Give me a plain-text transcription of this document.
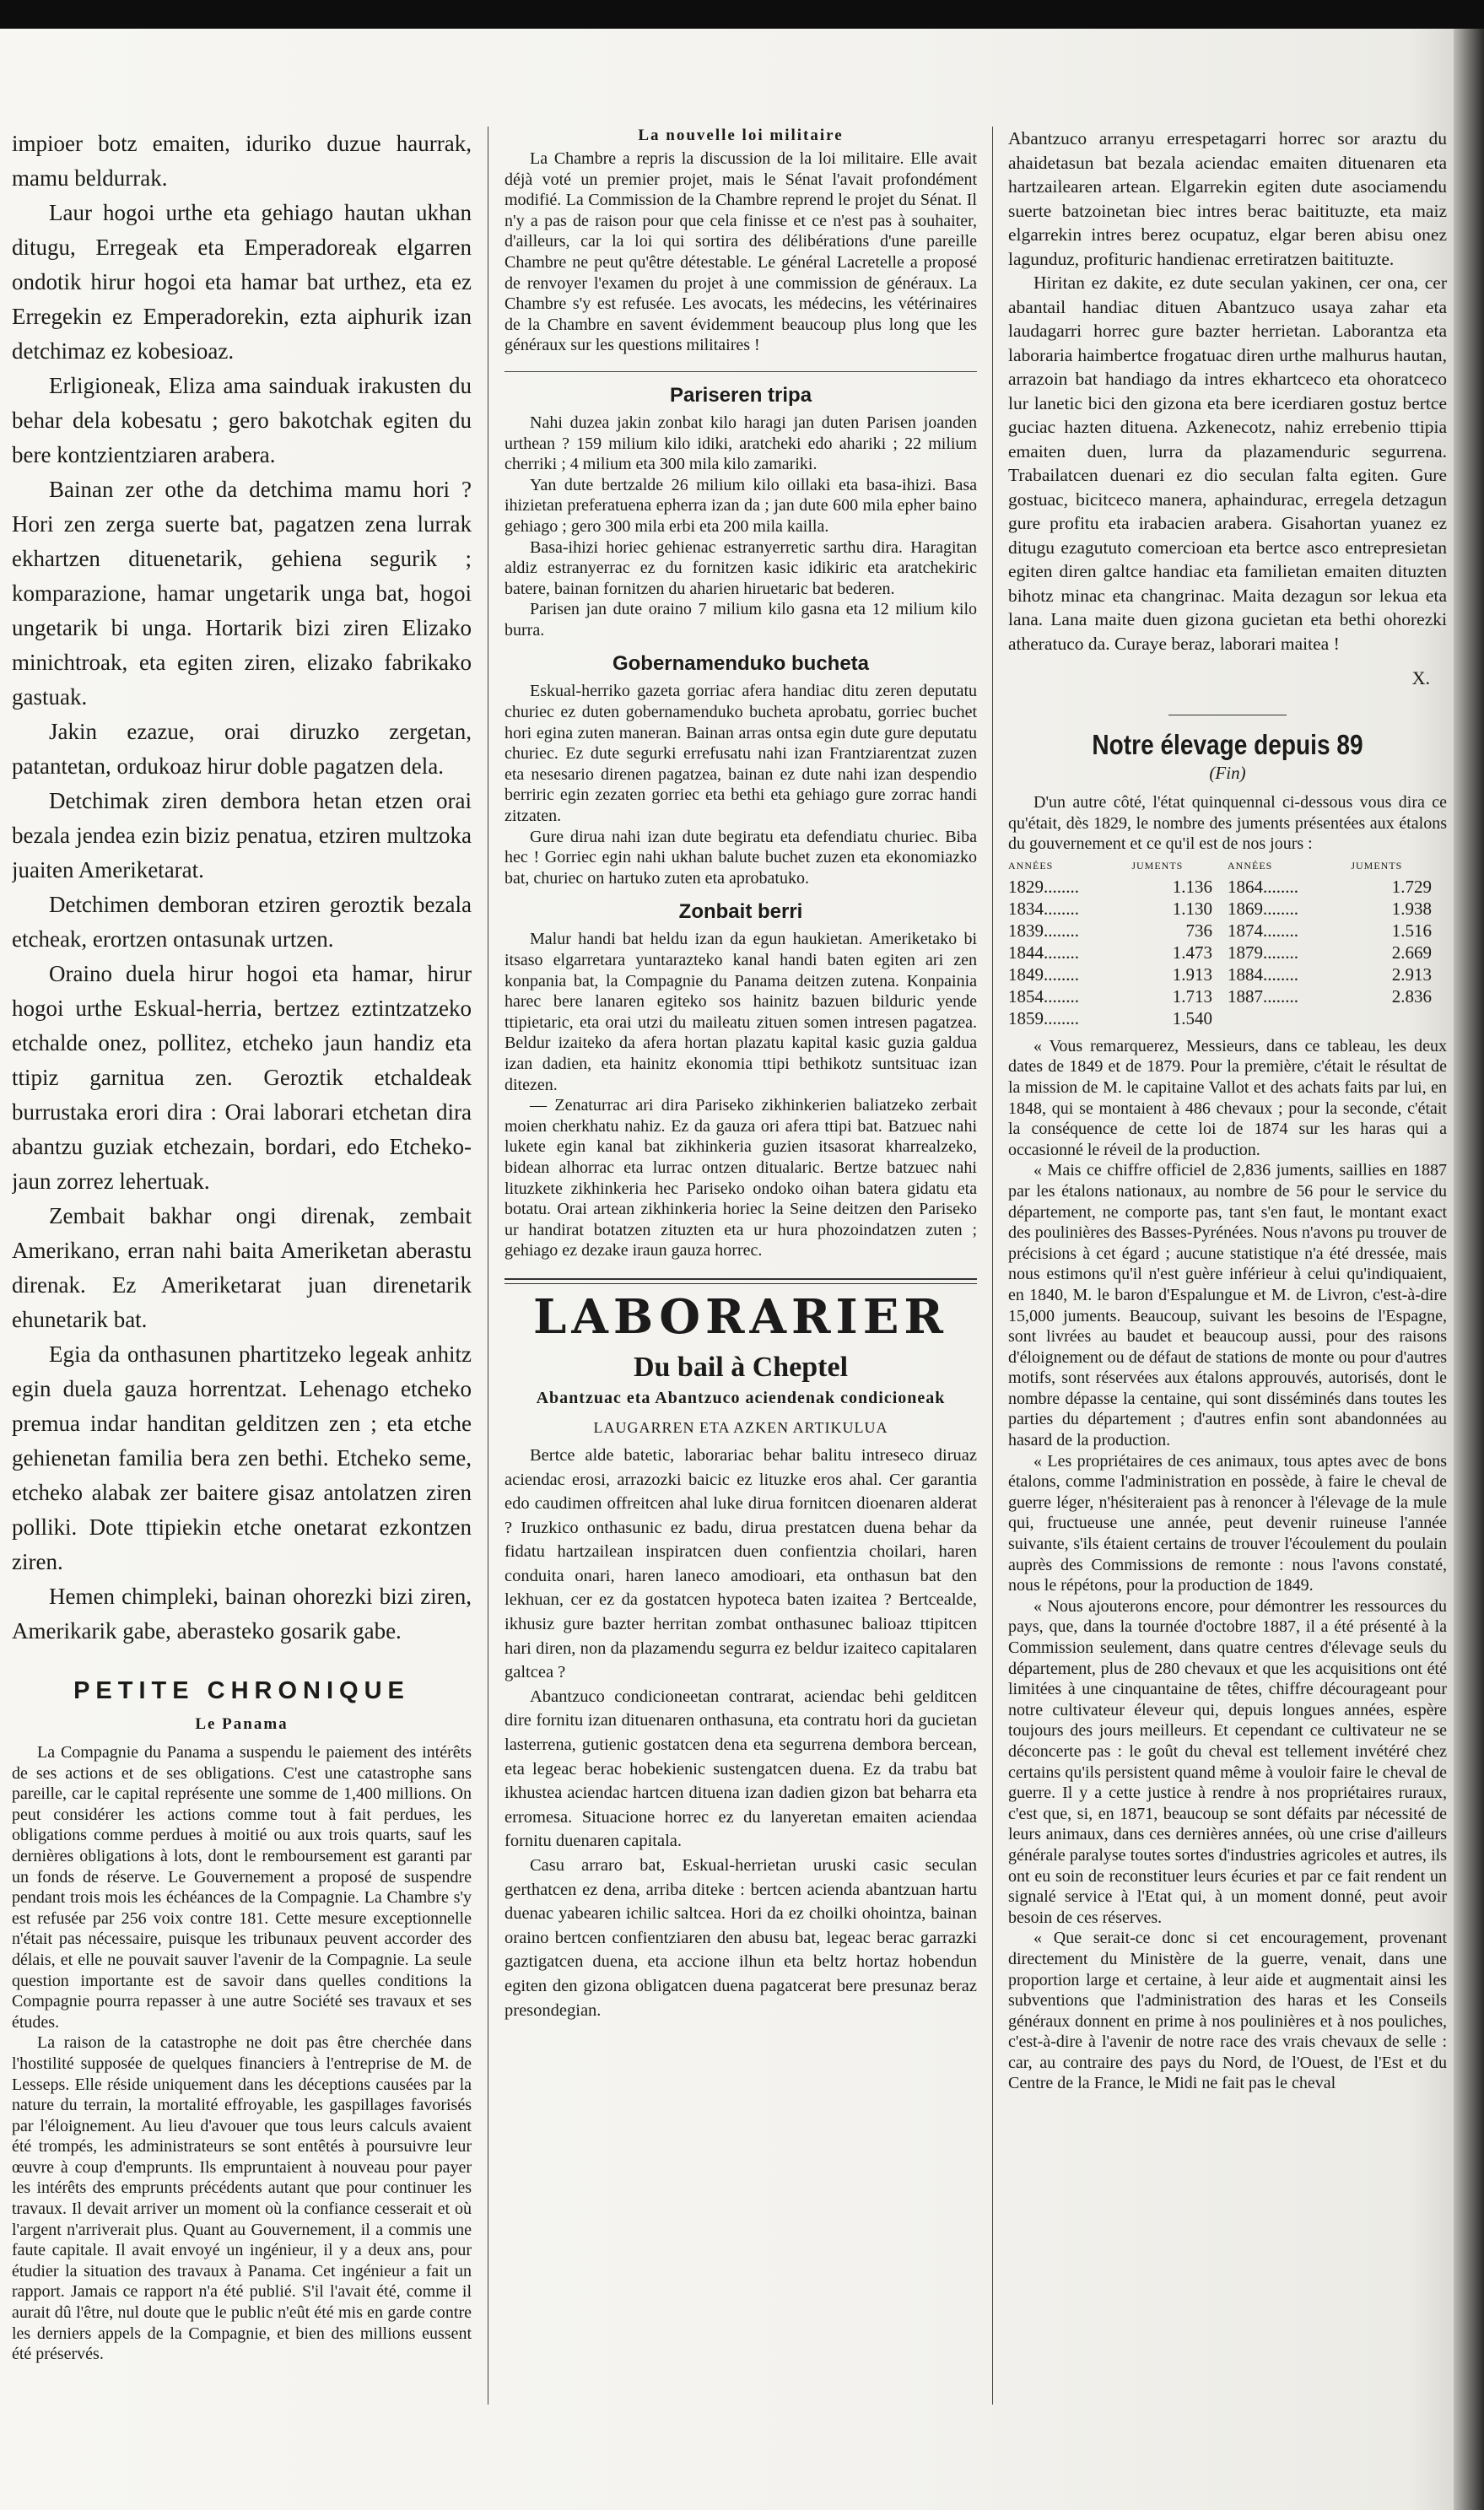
impioer botz emaiten, iduriko duzue haurrak, mamu beldurrak.

Laur hogoi urthe eta gehiago hautan ukhan ditugu, Erregeak eta Emperadoreak elgarren ondotik hirur hogoi eta hamar bat urthez, eta ez Erregekin ez Emperadorekin, ezta aiphurik izan detchimaz ez kobesioaz.

Erligioneak, Eliza ama sainduak irakusten du behar dela kobesatu ; gero bakotchak egiten du bere kontzientziaren arabera.

Bainan zer othe da detchima mamu hori ? Hori zen zerga suerte bat, pagatzen zena lurrak ekhartzen dituenetarik, gehiena segurik ; komparazione, hamar ungetarik unga bat, hogoi ungetarik bi unga. Hortarik bizi ziren Elizako minichtroak, eta egiten ziren, elizako fabrikako gastuak.

Jakin ezazue, orai diruzko zergetan, patantetan, ordukoaz hirur doble pagatzen dela.

Detchimak ziren dembora hetan etzen orai bezala jendea ezin biziz penatua, etziren multzoka juaiten Ameriketarat.

Detchimen demboran etziren geroztik bezala etcheak, erortzen ontasunak urtzen.

Oraino duela hirur hogoi eta hamar, hirur hogoi urthe Eskual-herria, bertzez eztintzatzeko etchalde onez, pollitez, etcheko jaun handiz eta ttipiz garnitua zen. Geroztik etchaldeak burrustaka erori dira : Orai laborari etchetan dira abantzu guziak etchezain, bordari, edo Etcheko-jaun zorrez lehertuak.

Zembait bakhar ongi direnak, zembait Amerikano, erran nahi baita Ameriketan aberastu direnak. Ez Ameriketarat juan direnetarik ehunetarik bat.

Egia da onthasunen phartitzeko legeak anhitz egin duela gauza horrentzat. Lehenago etcheko premua indar handitan gelditzen zen ; eta etche gehienetan familia bera zen bethi. Etcheko seme, etcheko alabak zer baitere gisaz antolatzen ziren polliki. Dote ttipiekin etche onetarat ezkontzen ziren.

Hemen chimpleki, bainan ohorezki bizi ziren, Amerikarik gabe, aberasteko gosarik gabe.

PETITE CHRONIQUE
Le Panama

La Compagnie du Panama a suspendu le paiement des intérêts de ses actions et de ses obligations. C'est une catastrophe sans pareille, car le capital représente une somme de 1,400 millions. On peut considérer les actions comme tout à fait perdues, les obligations comme perdues à moitié ou aux trois quarts, sauf les dernières obligations à lots, dont le remboursement est garanti par un fonds de réserve. Le Gouvernement a proposé de suspendre pendant trois mois les échéances de la Compagnie. La Chambre s'y est refusée par 256 voix contre 181. Cette mesure exceptionnelle n'était pas nécessaire, puisque les tribunaux peuvent accorder des délais, et elle ne pouvait sauver l'avenir de la Compagnie. La seule question importante est de savoir dans quelles conditions la Compagnie pourra repasser à une autre Société ses travaux et ses études.

La raison de la catastrophe ne doit pas être cherchée dans l'hostilité supposée de quelques financiers à l'entreprise de M. de Lesseps. Elle réside uniquement dans les déceptions causées par la nature du terrain, la mortalité effroyable, les gaspillages favorisés par l'éloignement. Au lieu d'avouer que tous leurs calculs avaient été trompés, les administrateurs se sont entêtés à poursuivre leur œuvre à coup d'emprunts. Ils empruntaient à nouveau pour payer les intérêts des emprunts précédents autant que pour continuer les travaux. Il devait arriver un moment où la confiance cesserait et où l'argent n'arriverait plus. Quant au Gouvernement, il a commis une faute capitale. Il avait envoyé un ingénieur, il y a deux ans, pour étudier la situation des travaux à Panama. Cet ingénieur a fait un rapport. Jamais ce rapport n'a été publié. S'il l'avait été, comme il aurait dû l'être, nul doute que le public n'eût été mis en garde contre les derniers appels de la Compagnie, et bien des millions eussent été préservés.

La nouvelle loi militaire

La Chambre a repris la discussion de la loi militaire. Elle avait déjà voté un premier projet, mais le Sénat l'avait profondément modifié. La Commission de la Chambre reprend le projet du Sénat. Il n'y a pas de raison pour que cela finisse et ce n'est pas à souhaiter, d'ailleurs, car la loi qui sortira des délibérations d'une pareille Chambre ne peut qu'être détestable. Le général Lacretelle a proposé de renvoyer l'examen du projet à une commission de généraux. La Chambre s'y est refusée. Les avocats, les médecins, les vétérinaires de la Chambre en savent évidemment beaucoup plus long que les généraux sur les questions militaires !

Pariseren tripa

Nahi duzea jakin zonbat kilo haragi jan duten Parisen joanden urthean ? 159 milium kilo idiki, aratcheki edo ahariki ; 22 milium cherriki ; 4 milium eta 300 mila kilo zamariki.

Yan dute bertzalde 26 milium kilo oillaki eta basa-ihizi. Basa ihizietan preferatuena epherra izan da ; jan dute 600 mila epher baino gehiago ; gero 300 mila erbi eta 200 mila kailla.

Basa-ihizi horiec gehienac estranyerretic sarthu dira. Haragitan aldiz estranyerrac ez du fornitzen kasic idikiric eta aratchekiric batere, bainan fornitzen du aharien hiruetaric bat bederen.

Parisen jan dute oraino 7 milium kilo gasna eta 12 milium kilo burra.

Gobernamenduko bucheta

Eskual-herriko gazeta gorriac afera handiac ditu zeren deputatu churiec ez duten gobernamenduko bucheta aprobatu, gorriec buchet hori egina zuten maneran. Bainan arras ontsa egin dute gure deputatu churiec. Ez dute segurki errefusatu nahi izan Frantziarentzat zuzen eta nesesario direnen pagatzea, bainan ez dute nahi izan despendio berriric egin zezaten gorriec eta bethi eta gehiago gure zorrac handi zitzaten.

Gure dirua nahi izan dute begiratu eta defendiatu churiec. Biba hec ! Gorriec egin nahi ukhan balute buchet zuzen eta ekonomiazko bat, churiec on hartuko zuten eta aprobatuko.

Zonbait berri

Malur handi bat heldu izan da egun haukietan. Ameriketako bi itsaso elgarretara yuntarazteko kanal handi baten egiten ari zen konpania bat, la Compagnie du Panama deitzen zutena. Konpainia harec bere lanaren egiteko sos hainitz bazuen bilduric yende ttipietaric, eta orai utzi du maileatu zituen somen intresen pagatzea. Beldur izaiteko da afera hortan plazatu kapital kasic guzia galdua izan dadien, eta hainitz ekonomia ttipi bethikotz suntsituac izan ditezen.

— Zenaturrac ari dira Pariseko zikhinkerien baliatzeko zerbait moien cherkhatu nahiz. Ez da gauza ori afera ttipi bat. Batzuec nahi lukete egin kanal bat zikhinkeria guzien itsasorat kharrealzeko, bidean alhorrac eta lurrac ontzen ditualaric. Bertze batzuec nahi lituzkete zikhinkeria hec Pariseko ondoko oihan batera gidatu eta botatu. Orai artean zikhinkeria horiec la Seine deitzen den Pariseko ur handirat botatzen zituzten eta ur hura phozoindatzen zuten ; gehiago ez dezake iraun gauza horrec.

LABORARIER
Du bail à Cheptel
Abantzuac eta Abantzuco aciendenak condicioneak
LAUGARREN ETA AZKEN ARTIKULUA

Bertce alde batetic, laborariac behar balitu intreseco diruaz aciendac erosi, arrazozki baicic ez lituzke eros ahal. Cer garantia edo caudimen offreitcen ahal luke dirua fornitcen dioenaren alderat ? Iruzkico onthasunic ez badu, dirua prestatcen duena behar da fidatu hartzailean inspiratcen duen confientzia choilari, haren conduita onari, haren laneco amodioari, eta onthasun bat den lekhuan, cer ez da gostatcen hypoteca baten izaitea ? Bertcealde, ikhusiz gure bazter herritan zombat onthasunec balioaz ttipitcen hari diren, non da plazamendu segurra ez beldur izaiteco capitalaren galtcea ?

Abantzuco condicioneetan contrarat, aciendac behi gelditcen dire fornitu izan dituenaren onthasuna, eta contratu hori da gucietan lasterrena, gutienic gostatcen dena eta segurrena dembora bercean, eta legeac berac hobekienic sustengatcen duena. Ez da trabu bat ikhustea aciendac hartcen dituena izan dadien gizon bat beharra eta erromesa. Situacione horrec ez du lanyeretan emaiten aciendaa fornitu duenaren capitala.

Casu arraro bat, Eskual-herrietan uruski casic seculan gerthatcen ez dena, arriba diteke : bertcen acienda abantzuan hartu duenac yabearen ichilic saltcea. Hori da ez choilki ohointza, bainan oraino bertcen confientziaren den abusu bat, legeac berac garrazki gaztigatcen duena, eta accione ilhun eta beltz hortaz hobendun egiten den gizona obligatcen duena pagatcerat bere presunaz beraz presondegian.

Abantzuco arranyu errespetagarri horrec sor araztu du ahaidetasun bat bezala aciendac emaiten dituenaren eta hartzailearen artean. Elgarrekin egiten dute asociamendu suerte batzoinetan biec intres berac baitituzte, eta maiz elgarrekin intres berez ocupatuz, elgar beren abisu onez lagunduz, profituric handienac erretiratzen baitituzte.

Hiritan ez dakite, ez dute seculan yakinen, cer ona, cer abantail handiac dituen Abantzuco usaya zahar eta laudagarri horrec gure bazter herrietan. Laborantza eta laboraria haimbertce frogatuac diren urthe malhurus hautan, arrazoin bat handiago da intres ekhartceco eta ohoratceco lur lanetic bici den gizona eta bere icerdiaren gostuz bertce guciac hazten dituena. Azkenecotz, nahiz errebenio ttipia emaiten duen, lurra da plazamenduric segurrena. Trabailatcen duenari ez dio seculan falta egiten. Gure gostuac, bicitceco manera, aphaindurac, erregela detzagun gure profitu eta irabacien arabera. Gisahortan yuanez ez ditugu ezagututo comercioan eta bertce asco entrepresietan egiten diren galtce handiac eta familietan emaiten dituzten bihotz minac eta changrinac. Maita dezagun sor lekua eta lana. Lana maite duen gizona gucietan eta bethi ohorezki atheratuco da. Curaye beraz, laborari maitea !

X.
Notre élevage depuis 89
(Fin)

D'un autre côté, l'état quinquennal ci-dessous vous dira ce qu'était, dès 1829, le nombre des juments présentées aux étalons du gouvernement et ce qu'il est de nos jours :

ANNÉES	JUMENTS	ANNÉES	JUMENTS
1829........	1.136	1864........	1.729
1834........	1.130	1869........	1.938
1839........	736	1874........	1.516
1844........	1.473	1879........	2.669
1849........	1.913	1884........	2.913
1854........	1.713	1887........	2.836
1859........	1.540		

« Vous remarquerez, Messieurs, dans ce tableau, les deux dates de 1849 et de 1879. Pour la première, c'était le résultat de la mission de M. le capitaine Vallot et des achats faits par lui, en 1848, qui se montaient à 486 chevaux ; pour la seconde, c'était la conséquence de cette loi de 1874 sur les haras qui a occasionné le réveil de la production.

« Mais ce chiffre officiel de 2,836 juments, saillies en 1887 par les étalons nationaux, au nombre de 56 pour le service du département, ne comporte pas, tant s'en faut, le montant exact des poulinières des Basses-Pyrénées. Nous n'avons pu trouver de précisions à cet égard ; aucune statistique n'a été dressée, mais nous estimons qu'il n'est guère inférieur à celui qu'indiquaient, en 1840, M. le baron d'Espalungue et M. de Livron, c'est-à-dire 15,000 juments. Beaucoup, suivant les besoins de l'Espagne, sont livrées au baudet et beaucoup aussi, pour des raisons d'éloignement ou de défaut de stations de monte ou pour d'autres motifs, sont réservées aux étalons approuvés, autorisés, dont le nombre dépasse la centaine, qui sont disséminés dans toutes les parties du département ; d'autres enfin sont abandonnées au hasard de la production.

« Les propriétaires de ces animaux, tous aptes avec de bons étalons, comme l'administration en possède, à faire le cheval de guerre léger, n'hésiteraient pas à renoncer à l'élevage de la mule qui, fructueuse une année, peut devenir ruineuse l'année suivante, s'ils étaient certains de trouver l'écoulement du poulain auprès des Commissions de remonte : nous l'avons constaté, nous le répétons, pour la production de 1849.

« Nous ajouterons encore, pour démontrer les ressources du pays, que, dans la tournée d'octobre 1887, il a été présenté à la Commission seulement, dans quatre centres d'élevage seuls du département, plus de 280 chevaux et que les acquisitions ont été limitées à une cinquantaine de têtes, chiffre décourageant pour notre cultivateur éleveur qui, depuis longues années, espère toujours des jours meilleurs. Et cependant ce cultivateur ne se déconcerte pas : le goût du cheval est tellement invétéré chez certains qu'ils persistent quand même à vouloir faire le cheval de guerre. Il y a cette justice à rendre à nos propriétaires ruraux, c'est que, si, en 1871, beaucoup se sont défaits par nécessité de leurs animaux, dans ces dernières années, où une crise d'ailleurs générale paralyse toutes sortes d'industries agricoles et autres, ils ont eu soin de reconstituer leurs écuries et par ce fait rendent un signalé service à l'Etat qui, à un moment donné, peut avoir besoin de ces réserves.

« Que serait-ce donc si cet encouragement, provenant directement du Ministère de la guerre, venait, dans une proportion large et certaine, à leur aide et augmentait ainsi les subventions que l'administration des haras et les Conseils généraux donnent en prime à nos poulinières et à nos pouliches, c'est-à-dire à l'avenir de notre race des vrais chevaux de selle : car, au contraire des pays du Nord, de l'Ouest, de l'Est et du Centre de la France, le Midi ne fait pas le cheval
